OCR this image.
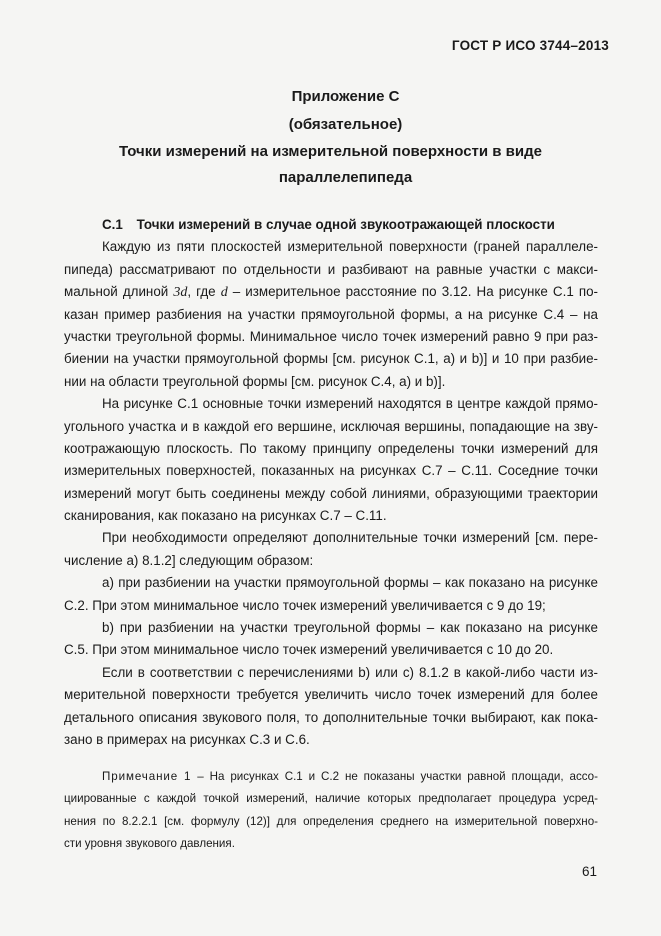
ГОСТ Р ИСО 3744–2013
Приложение С
(обязательное)
Точки измерений на измерительной поверхности в виде
параллелепипеда
С.1 Точки измерений в случае одной звукоотражающей плоскости
Каждую из пяти плоскостей измерительной поверхности (граней параллеле-
пипеда) рассматривают по отдельности и разбивают на равные участки с макси-
мальной длиной 3d, где d – измерительное расстояние по 3.12. На рисунке С.1 по-
казан пример разбиения на участки прямоугольной формы, а на рисунке С.4 – на
участки треугольной формы. Минимальное число точек измерений равно 9 при раз-
биении на участки прямоугольной формы [см. рисунок С.1, а) и b)] и 10 при разбие-
нии на области треугольной формы [см. рисунок С.4, а) и b)].
На рисунке С.1 основные точки измерений находятся в центре каждой прямо-
угольного участка и в каждой его вершине, исключая вершины, попадающие на зву-
коотражающую плоскость. По такому принципу определены точки измерений для
измерительных поверхностей, показанных на рисунках С.7 – С.11. Соседние точки
измерений могут быть соединены между собой линиями, образующими траектории
сканирования, как показано на рисунках С.7 – С.11.
При необходимости определяют дополнительные точки измерений [см. пере-
числение а) 8.1.2] следующим образом:
а) при разбиении на участки прямоугольной формы – как показано на рисунке
С.2. При этом минимальное число точек измерений увеличивается с 9 до 19;
b) при разбиении на участки треугольной формы – как показано на рисунке
С.5. При этом минимальное число точек измерений увеличивается с 10 до 20.
Если в соответствии с перечислениями b) или с) 8.1.2 в какой-либо части из-
мерительной поверхности требуется увеличить число точек измерений для более
детального описания звукового поля, то дополнительные точки выбирают, как пока-
зано в примерах на рисунках С.3 и С.6.
Примечание 1 – На рисунках С.1 и С.2 не показаны участки равной площади, ассо-
циированные с каждой точкой измерений, наличие которых предполагает процедура усред-
нения по 8.2.2.1 [см. формулу (12)] для определения среднего на измерительной поверхно-
сти уровня звукового давления.
61
